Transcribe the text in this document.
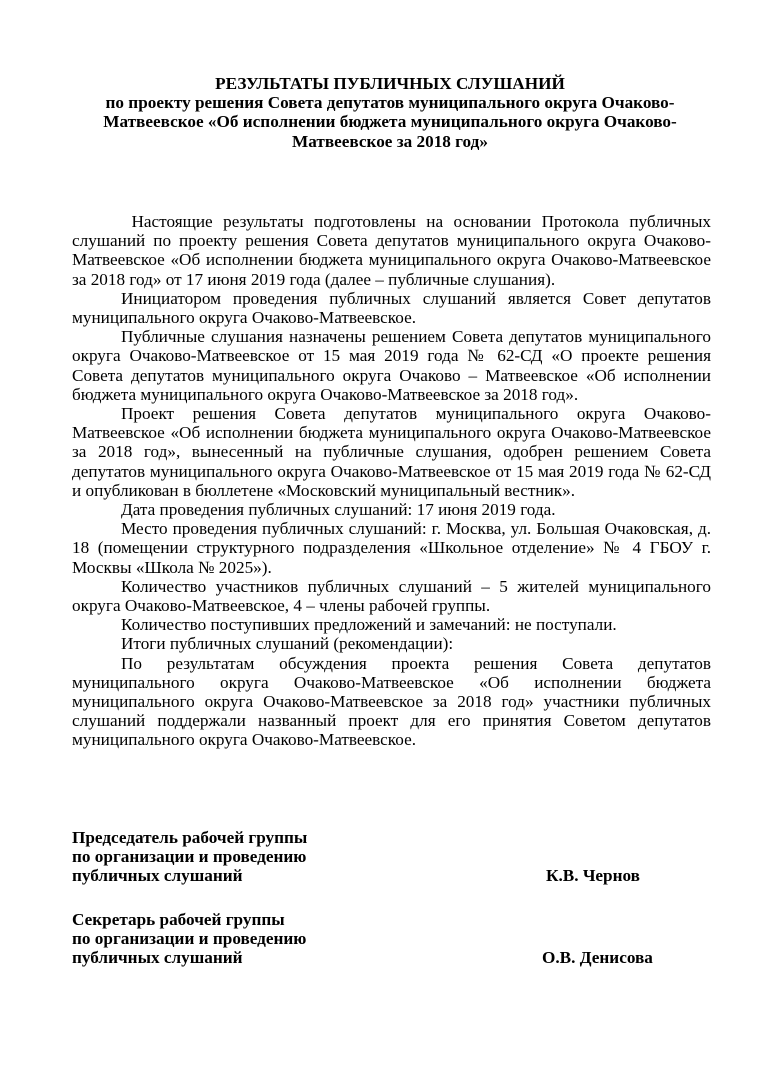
РЕЗУЛЬТАТЫ ПУБЛИЧНЫХ СЛУШАНИЙ
по проекту решения Совета депутатов муниципального округа Очаково-
Матвеевское «Об исполнении бюджета муниципального округа Очаково-
Матвеевское за 2018 год»

Настоящие результаты подготовлены на основании Протокола публичных слушаний по проекту решения Совета депутатов муниципального округа Очаково-Матвеевское «Об исполнении бюджета муниципального округа Очаково-Матвеевское за 2018 год» от 17 июня 2019 года (далее – публичные слушания).

Инициатором проведения публичных слушаний является Совет депутатов муниципального округа Очаково-Матвеевское.

Публичные слушания назначены решением Совета депутатов муниципального округа Очаково-Матвеевское от 15 мая 2019 года № 62-СД «О проекте решения Совета депутатов муниципального округа Очаково – Матвеевское «Об исполнении бюджета муниципального округа Очаково-Матвеевское за 2018 год».

Проект решения Совета депутатов муниципального округа Очаково-Матвеевское «Об исполнении бюджета муниципального округа Очаково-Матвеевское за 2018 год», вынесенный на публичные слушания, одобрен решением Совета депутатов муниципального округа Очаково-Матвеевское от 15 мая 2019 года № 62-СД и опубликован в бюллетене «Московский муниципальный вестник».

Дата проведения публичных слушаний: 17 июня 2019 года.

Место проведения публичных слушаний: г. Москва, ул. Большая Очаковская, д. 18 (помещении структурного подразделения «Школьное отделение» № 4 ГБОУ г. Москвы «Школа № 2025»).

Количество участников публичных слушаний – 5 жителей муниципального округа Очаково-Матвеевское, 4 – члены рабочей группы.

Количество поступивших предложений и замечаний: не поступали.

Итоги публичных слушаний (рекомендации):

По результатам обсуждения проекта решения Совета депутатов муниципального округа Очаково-Матвеевское «Об исполнении бюджета муниципального округа Очаково-Матвеевское за 2018 год» участники публичных слушаний поддержали названный проект для его принятия Советом депутатов муниципального округа Очаково-Матвеевское.

Председатель рабочей группы
по организации и проведению
публичных слушаний	К.В. Чернов
Секретарь рабочей группы
по организации и проведению
публичных слушаний	О.В. Денисова
